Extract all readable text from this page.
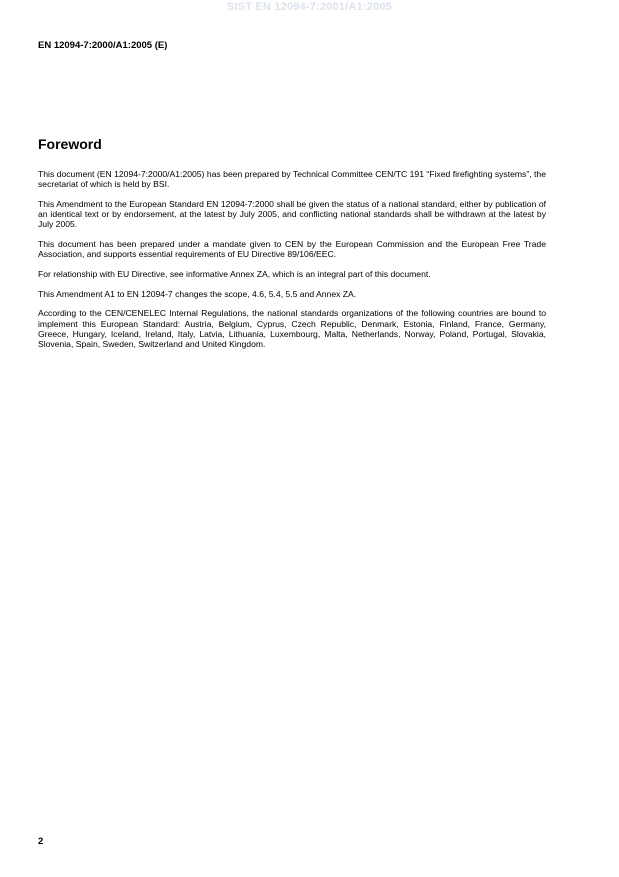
SIST EN 12094-7:2001/A1:2005
EN 12094-7:2000/A1:2005 (E)
Foreword

This document (EN 12094-7:2000/A1:2005) has been prepared by Technical Committee CEN/TC 191 “Fixed firefighting systems”, the secretariat of which is held by BSI.

This Amendment to the European Standard EN 12094-7:2000 shall be given the status of a national standard, either by publication of an identical text or by endorsement, at the latest by July 2005, and conflicting national standards shall be withdrawn at the latest by July 2005.

This document has been prepared under a mandate given to CEN by the European Commission and the European Free Trade Association, and supports essential requirements of EU Directive 89/106/EEC.

For relationship with EU Directive, see informative Annex ZA, which is an integral part of this document.

This Amendment A1 to EN 12094-7 changes the scope, 4.6, 5.4, 5.5 and Annex ZA.

According to the CEN/CENELEC Internal Regulations, the national standards organizations of the following countries are bound to implement this European Standard: Austria, Belgium, Cyprus, Czech Republic, Denmark, Estonia, Finland, France, Germany, Greece, Hungary, Iceland, Ireland, Italy, Latvia, Lithuania, Luxembourg, Malta, Netherlands, Norway, Poland, Portugal, Slovakia, Slovenia, Spain, Sweden, Switzerland and United Kingdom.

2
